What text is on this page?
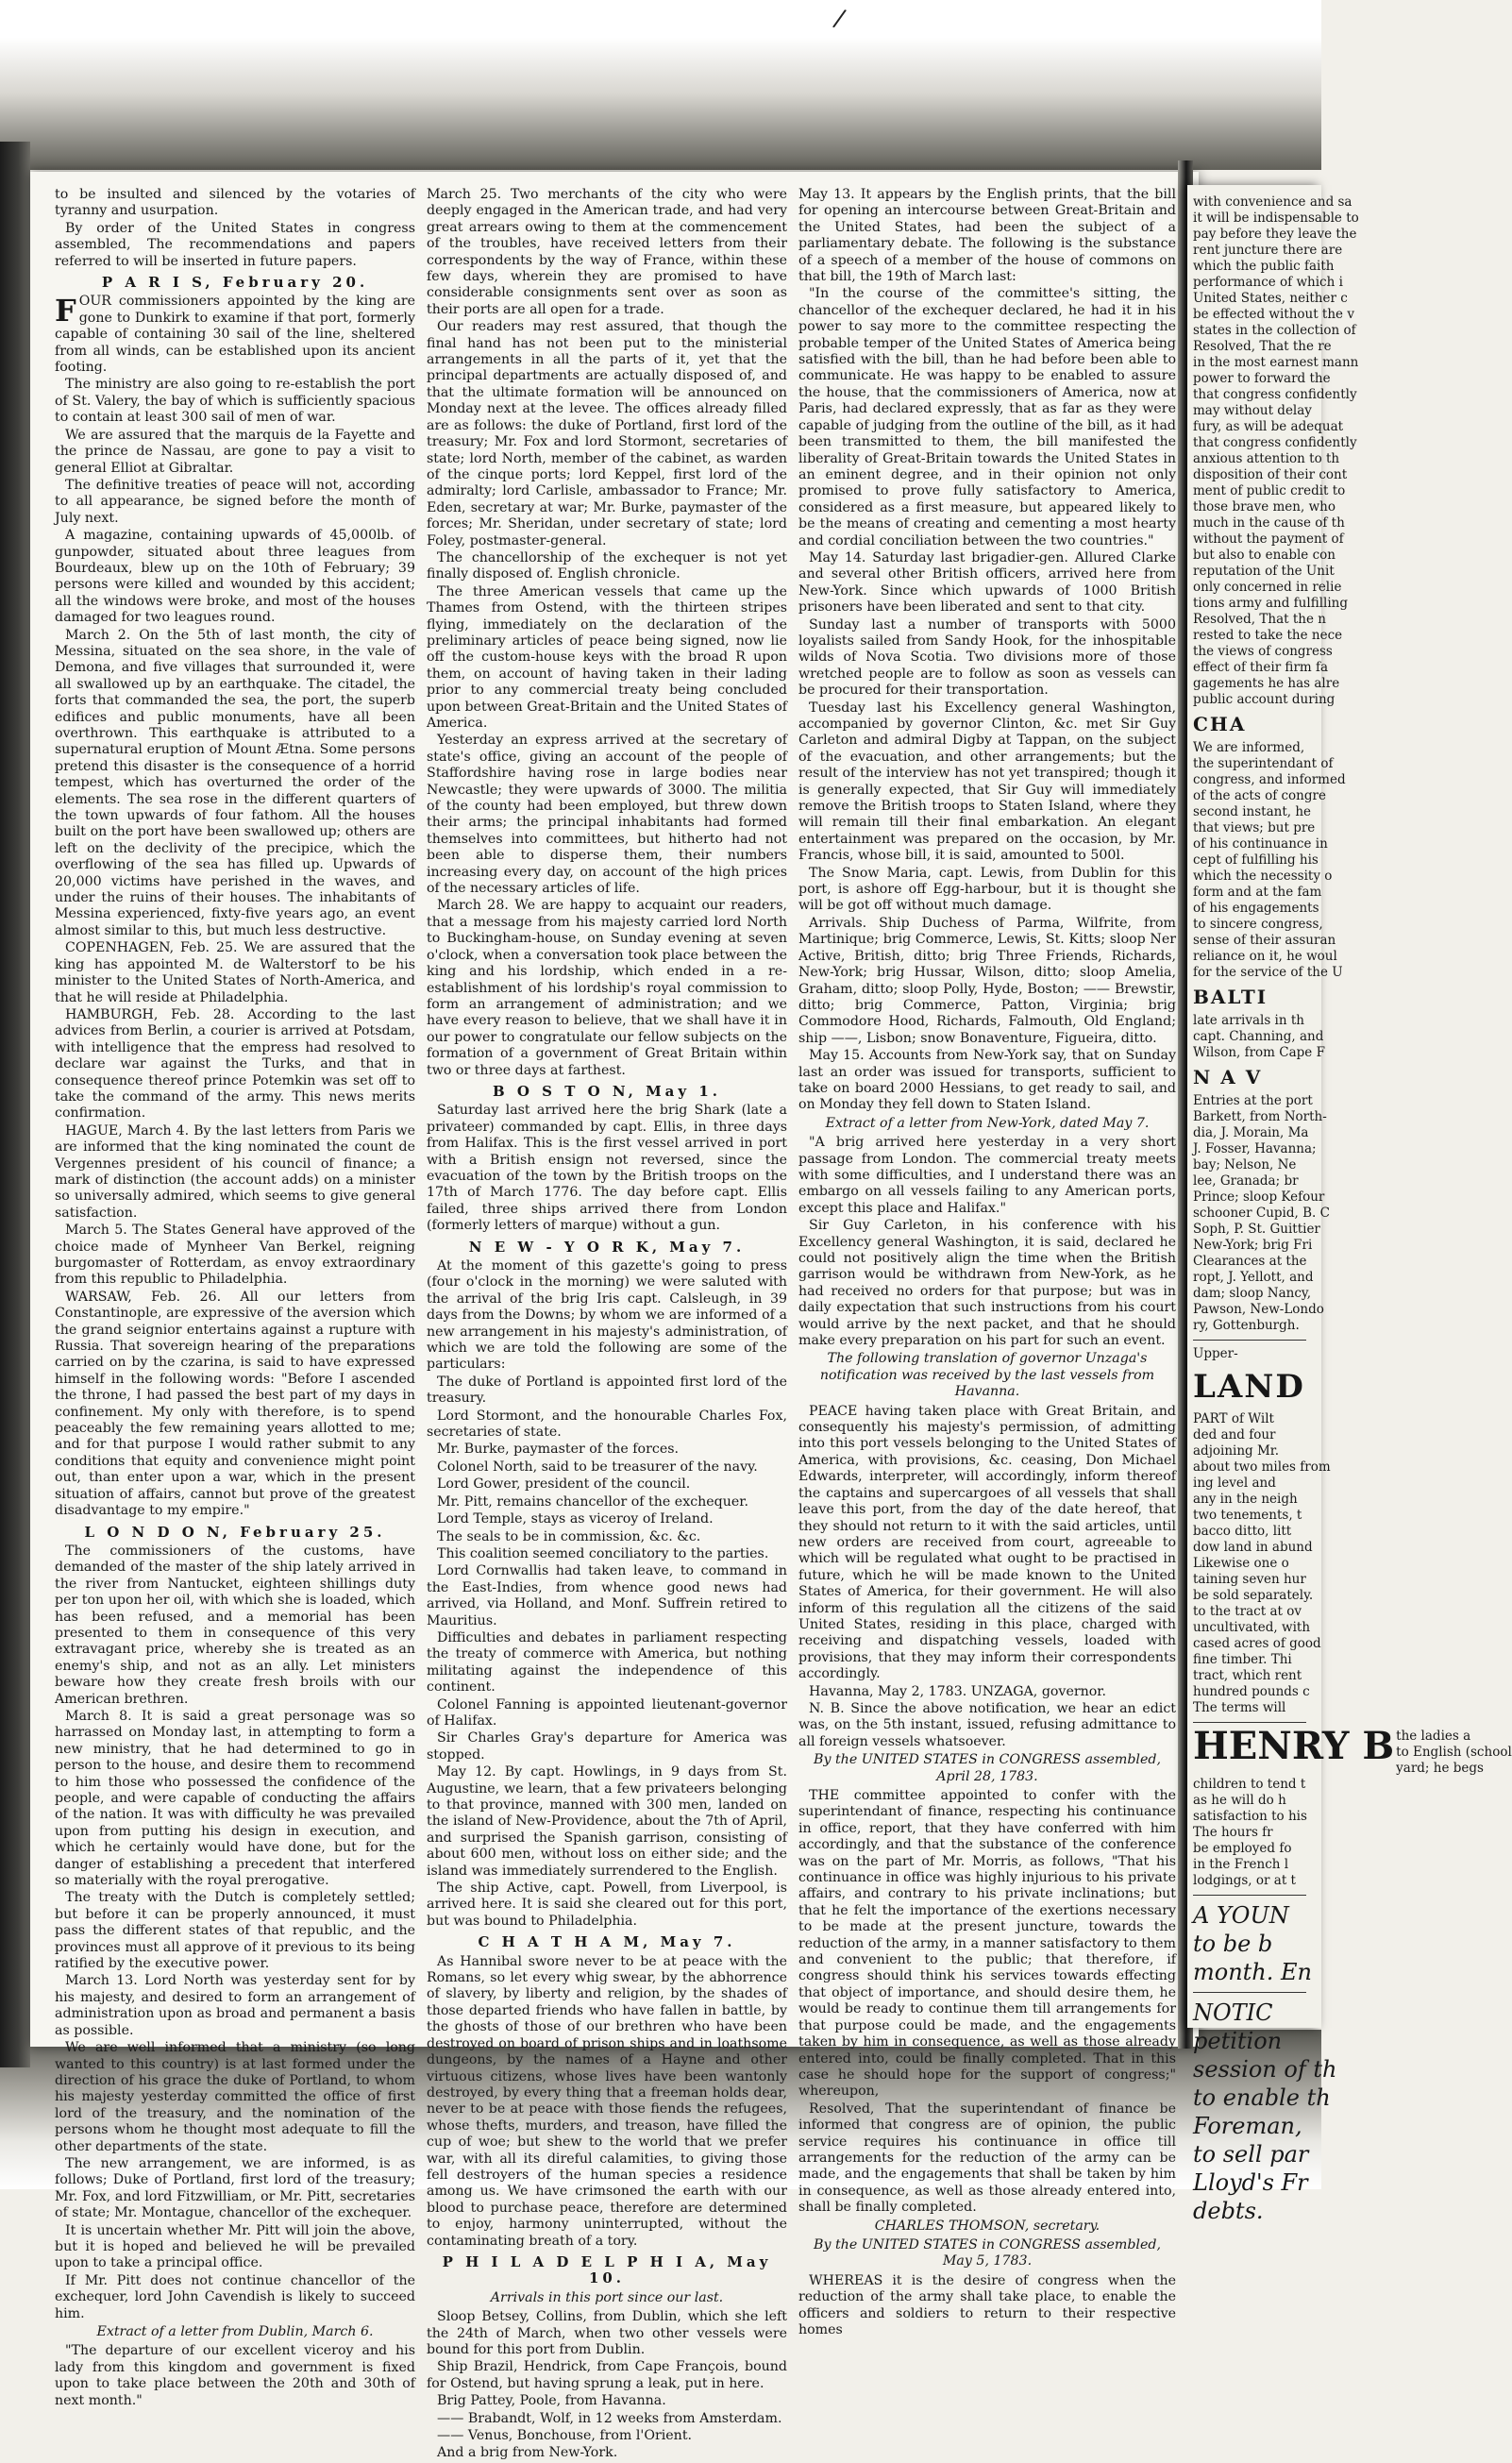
/

to be insulted and silenced by the votaries of tyranny and usurpation.

By order of the United States in congress assembled, The recommendations and papers referred to will be inserted in future papers.

P A R I S, February 20.

FOUR commissioners appointed by the king are gone to Dunkirk to examine if that port, formerly capable of containing 30 sail of the line, sheltered from all winds, can be established upon its ancient footing.

The ministry are also going to re-establish the port of St. Valery, the bay of which is sufficiently spacious to contain at least 300 sail of men of war.

We are assured that the marquis de la Fayette and the prince de Nassau, are gone to pay a visit to general Elliot at Gibraltar.

The definitive treaties of peace will not, according to all appearance, be signed before the month of July next.

A magazine, containing upwards of 45,000lb. of gunpowder, situated about three leagues from Bourdeaux, blew up on the 10th of February; 39 persons were killed and wounded by this accident; all the windows were broke, and most of the houses damaged for two leagues round.

March 2. On the 5th of last month, the city of Messina, situated on the sea shore, in the vale of Demona, and five villages that surrounded it, were all swallowed up by an earthquake. The citadel, the forts that commanded the sea, the port, the superb edifices and public monuments, have all been overthrown. This earthquake is attributed to a supernatural eruption of Mount Ætna. Some persons pretend this disaster is the consequence of a horrid tempest, which has overturned the order of the elements. The sea rose in the different quarters of the town upwards of four fathom. All the houses built on the port have been swallowed up; others are left on the declivity of the precipice, which the overflowing of the sea has filled up. Upwards of 20,000 victims have perished in the waves, and under the ruins of their houses. The inhabitants of Messina experienced, fixty-five years ago, an event almost similar to this, but much less destructive.

COPENHAGEN, Feb. 25. We are assured that the king has appointed M. de Walterstorf to be his minister to the United States of North-America, and that he will reside at Philadelphia.

HAMBURGH, Feb. 28. According to the last advices from Berlin, a courier is arrived at Potsdam, with intelligence that the empress had resolved to declare war against the Turks, and that in consequence thereof prince Potemkin was set off to take the command of the army. This news merits confirmation.

HAGUE, March 4. By the last letters from Paris we are informed that the king nominated the count de Vergennes president of his council of finance; a mark of distinction (the account adds) on a minister so universally admired, which seems to give general satisfaction.

March 5. The States General have approved of the choice made of Mynheer Van Berkel, reigning burgomaster of Rotterdam, as envoy extraordinary from this republic to Philadelphia.

WARSAW, Feb. 26. All our letters from Constantinople, are expressive of the aversion which the grand seignior entertains against a rupture with Russia. That sovereign hearing of the preparations carried on by the czarina, is said to have expressed himself in the following words: "Before I ascended the throne, I had passed the best part of my days in confinement. My only with therefore, is to spend peaceably the few remaining years allotted to me; and for that purpose I would rather submit to any conditions that equity and convenience might point out, than enter upon a war, which in the present situation of affairs, cannot but prove of the greatest disadvantage to my empire."

L O N D O N, February 25.

The commissioners of the customs, have demanded of the master of the ship lately arrived in the river from Nantucket, eighteen shillings duty per ton upon her oil, with which she is loaded, which has been refused, and a memorial has been presented to them in consequence of this very extravagant price, whereby she is treated as an enemy's ship, and not as an ally. Let ministers beware how they create fresh broils with our American brethren.

March 8. It is said a great personage was so harrassed on Monday last, in attempting to form a new ministry, that he had determined to go in person to the house, and desire them to recommend to him those who possessed the confidence of the people, and were capable of conducting the affairs of the nation. It was with difficulty he was prevailed upon from putting his design in execution, and which he certainly would have done, but for the danger of establishing a precedent that interfered so materially with the royal prerogative.

The treaty with the Dutch is completely settled; but before it can be properly announced, it must pass the different states of that republic, and the provinces must all approve of it previous to its being ratified by the executive power.

March 13. Lord North was yesterday sent for by his majesty, and desired to form an arrangement of administration upon as broad and permanent a basis as possible.

We are well informed that a ministry (so long wanted to this country) is at last formed under the direction of his grace the duke of Portland, to whom his majesty yesterday committed the office of first lord of the treasury, and the nomination of the persons whom he thought most adequate to fill the other departments of the state.

The new arrangement, we are informed, is as follows; Duke of Portland, first lord of the treasury; Mr. Fox, and lord Fitzwilliam, or Mr. Pitt, secretaries of state; Mr. Montague, chancellor of the exchequer.

It is uncertain whether Mr. Pitt will join the above, but it is hoped and believed he will be prevailed upon to take a principal office.

If Mr. Pitt does not continue chancellor of the exchequer, lord John Cavendish is likely to succeed him.

Extract of a letter from Dublin, March 6.

"The departure of our excellent viceroy and his lady from this kingdom and government is fixed upon to take place between the 20th and 30th of next month."

March 25. Two merchants of the city who were deeply engaged in the American trade, and had very great arrears owing to them at the commencement of the troubles, have received letters from their correspondents by the way of France, within these few days, wherein they are promised to have considerable consignments sent over as soon as their ports are all open for a trade.

Our readers may rest assured, that though the final hand has not been put to the ministerial arrangements in all the parts of it, yet that the principal departments are actually disposed of, and that the ultimate formation will be announced on Monday next at the levee. The offices already filled are as follows: the duke of Portland, first lord of the treasury; Mr. Fox and lord Stormont, secretaries of state; lord North, member of the cabinet, as warden of the cinque ports; lord Keppel, first lord of the admiralty; lord Carlisle, ambassador to France; Mr. Eden, secretary at war; Mr. Burke, paymaster of the forces; Mr. Sheridan, under secretary of state; lord Foley, postmaster-general.

The chancellorship of the exchequer is not yet finally disposed of. English chronicle.

The three American vessels that came up the Thames from Ostend, with the thirteen stripes flying, immediately on the declaration of the preliminary articles of peace being signed, now lie off the custom-house keys with the broad R upon them, on account of having taken in their lading prior to any commercial treaty being concluded upon between Great-Britain and the United States of America.

Yesterday an express arrived at the secretary of state's office, giving an account of the people of Staffordshire having rose in large bodies near Newcastle; they were upwards of 3000. The militia of the county had been employed, but threw down their arms; the principal inhabitants had formed themselves into committees, but hitherto had not been able to disperse them, their numbers increasing every day, on account of the high prices of the necessary articles of life.

March 28. We are happy to acquaint our readers, that a message from his majesty carried lord North to Buckingham-house, on Sunday evening at seven o'clock, when a conversation took place between the king and his lordship, which ended in a re-establishment of his lordship's royal commission to form an arrangement of administration; and we have every reason to believe, that we shall have it in our power to congratulate our fellow subjects on the formation of a government of Great Britain within two or three days at farthest.

B O S T O N, May 1.

Saturday last arrived here the brig Shark (late a privateer) commanded by capt. Ellis, in three days from Halifax. This is the first vessel arrived in port with a British ensign not reversed, since the evacuation of the town by the British troops on the 17th of March 1776. The day before capt. Ellis failed, three ships arrived there from London (formerly letters of marque) without a gun.

N E W - Y O R K, May 7.

At the moment of this gazette's going to press (four o'clock in the morning) we were saluted with the arrival of the brig Iris capt. Calsleugh, in 39 days from the Downs; by whom we are informed of a new arrangement in his majesty's administration, of which we are told the following are some of the particulars:

The duke of Portland is appointed first lord of the treasury.

Lord Stormont, and the honourable Charles Fox, secretaries of state.

Mr. Burke, paymaster of the forces.

Colonel North, said to be treasurer of the navy.

Lord Gower, president of the council.

Mr. Pitt, remains chancellor of the exchequer.

Lord Temple, stays as viceroy of Ireland.

The seals to be in commission, &c. &c.

This coalition seemed conciliatory to the parties.

Lord Cornwallis had taken leave, to command in the East-Indies, from whence good news had arrived, via Holland, and Monf. Suffrein retired to Mauritius.

Difficulties and debates in parliament respecting the treaty of commerce with America, but nothing militating against the independence of this continent.

Colonel Fanning is appointed lieutenant-governor of Halifax.

Sir Charles Gray's departure for America was stopped.

May 12. By capt. Howlings, in 9 days from St. Augustine, we learn, that a few privateers belonging to that province, manned with 300 men, landed on the island of New-Providence, about the 7th of April, and surprised the Spanish garrison, consisting of about 600 men, without loss on either side; and the island was immediately surrendered to the English.

The ship Active, capt. Powell, from Liverpool, is arrived here. It is said she cleared out for this port, but was bound to Philadelphia.

C H A T H A M, May 7.

As Hannibal swore never to be at peace with the Romans, so let every whig swear, by the abhorrence of slavery, by liberty and religion, by the shades of those departed friends who have fallen in battle, by the ghosts of those of our brethren who have been destroyed on board of prison ships and in loathsome dungeons, by the names of a Hayne and other virtuous citizens, whose lives have been wantonly destroyed, by every thing that a freeman holds dear, never to be at peace with those fiends the refugees, whose thefts, murders, and treason, have filled the cup of woe; but shew to the world that we prefer war, with all its direful calamities, to giving those fell destroyers of the human species a residence among us. We have crimsoned the earth with our blood to purchase peace, therefore are determined to enjoy, harmony uninterrupted, without the contaminating breath of a tory.

P H I L A D E L P H I A, May 10.

Arrivals in this port since our last.

Sloop Betsey, Collins, from Dublin, which she left the 24th of March, when two other vessels were bound for this port from Dublin.

Ship Brazil, Hendrick, from Cape François, bound for Ostend, but having sprung a leak, put in here.

Brig Pattey, Poole, from Havanna.

—— Brabandt, Wolf, in 12 weeks from Amsterdam.

—— Venus, Bonchouse, from l'Orient.

And a brig from New-York.

May 13. It appears by the English prints, that the bill for opening an intercourse between Great-Britain and the United States, had been the subject of a parliamentary debate. The following is the substance of a speech of a member of the house of commons on that bill, the 19th of March last:

"In the course of the committee's sitting, the chancellor of the exchequer declared, he had it in his power to say more to the committee respecting the probable temper of the United States of America being satisfied with the bill, than he had before been able to communicate. He was happy to be enabled to assure the house, that the commissioners of America, now at Paris, had declared expressly, that as far as they were capable of judging from the outline of the bill, as it had been transmitted to them, the bill manifested the liberality of Great-Britain towards the United States in an eminent degree, and in their opinion not only promised to prove fully satisfactory to America, considered as a first measure, but appeared likely to be the means of creating and cementing a most hearty and cordial conciliation between the two countries."

May 14. Saturday last brigadier-gen. Allured Clarke and several other British officers, arrived here from New-York. Since which upwards of 1000 British prisoners have been liberated and sent to that city.

Sunday last a number of transports with 5000 loyalists sailed from Sandy Hook, for the inhospitable wilds of Nova Scotia. Two divisions more of those wretched people are to follow as soon as vessels can be procured for their transportation.

Tuesday last his Excellency general Washington, accompanied by governor Clinton, &c. met Sir Guy Carleton and admiral Digby at Tappan, on the subject of the evacuation, and other arrangements; but the result of the interview has not yet transpired; though it is generally expected, that Sir Guy will immediately remove the British troops to Staten Island, where they will remain till their final embarkation. An elegant entertainment was prepared on the occasion, by Mr. Francis, whose bill, it is said, amounted to 500l.

The Snow Maria, capt. Lewis, from Dublin for this port, is ashore off Egg-harbour, but it is thought she will be got off without much damage.

Arrivals. Ship Duchess of Parma, Wilfrite, from Martinique; brig Commerce, Lewis, St. Kitts; sloop Ner Active, British, ditto; brig Three Friends, Richards, New-York; brig Hussar, Wilson, ditto; sloop Amelia, Graham, ditto; sloop Polly, Hyde, Boston; —— Brewstir, ditto; brig Commerce, Patton, Virginia; brig Commodore Hood, Richards, Falmouth, Old England; ship ——, Lisbon; snow Bonaventure, Figueira, ditto.

May 15. Accounts from New-York say, that on Sunday last an order was issued for transports, sufficient to take on board 2000 Hessians, to get ready to sail, and on Monday they fell down to Staten Island.

Extract of a letter from New-York, dated May 7.

"A brig arrived here yesterday in a very short passage from London. The commercial treaty meets with some difficulties, and I understand there was an embargo on all vessels failing to any American ports, except this place and Halifax."

Sir Guy Carleton, in his conference with his Excellency general Washington, it is said, declared he could not positively align the time when the British garrison would be withdrawn from New-York, as he had received no orders for that purpose; but was in daily expectation that such instructions from his court would arrive by the next packet, and that he should make every preparation on his part for such an event.

The following translation of governor Unzaga's notification was received by the last vessels from Havanna.

PEACE having taken place with Great Britain, and consequently his majesty's permission, of admitting into this port vessels belonging to the United States of America, with provisions, &c. ceasing, Don Michael Edwards, interpreter, will accordingly, inform thereof the captains and supercargoes of all vessels that shall leave this port, from the day of the date hereof, that they should not return to it with the said articles, until new orders are received from court, agreeable to which will be regulated what ought to be practised in future, which he will be made known to the United States of America, for their government. He will also inform of this regulation all the citizens of the said United States, residing in this place, charged with receiving and dispatching vessels, loaded with provisions, that they may inform their correspondents accordingly.

Havanna, May 2, 1783. UNZAGA, governor.

N. B. Since the above notification, we hear an edict was, on the 5th instant, issued, refusing admittance to all foreign vessels whatsoever.

By the UNITED STATES in CONGRESS assembled, April 28, 1783.

THE committee appointed to confer with the superintendant of finance, respecting his continuance in office, report, that they have conferred with him accordingly, and that the substance of the conference was on the part of Mr. Morris, as follows, "That his continuance in office was highly injurious to his private affairs, and contrary to his private inclinations; but that he felt the importance of the exertions necessary to be made at the present juncture, towards the reduction of the army, in a manner satisfactory to them and convenient to the public; that therefore, if congress should think his services towards effecting that object of importance, and should desire them, he would be ready to continue them till arrangements for that purpose could be made, and the engagements taken by him in consequence, as well as those already entered into, could be finally completed. That in this case he should hope for the support of congress;" whereupon,

Resolved, That the superintendant of finance be informed that congress are of opinion, the public service requires his continuance in office till arrangements for the reduction of the army can be made, and the engagements that shall be taken by him in consequence, as well as those already entered into, shall be finally completed.

CHARLES THOMSON, secretary.

By the UNITED STATES in CONGRESS assembled, May 5, 1783.

WHEREAS it is the desire of congress when the reduction of the army shall take place, to enable the officers and soldiers to return to their respective homes

with convenience and sa
it will be indispensable to
pay before they leave the
rent juncture there are
which the public faith
performance of which i
United States, neither c
be effected without the v
states in the collection of
Resolved, That the re
in the most earnest mann
power to forward the
that congress confidently
may without delay
fury, as will be adequat
that congress confidently
anxious attention to th
disposition of their cont
ment of public credit to
those brave men, who
much in the cause of th
without the payment of
but also to enable con
reputation of the Unit
only concerned in relie
tions army and fulfilling
Resolved, That the n
rested to take the nece
the views of congress
effect of their firm fa
gagements he has alre
public account during
CHA
We are informed,
the superintendant of
congress, and informed
of the acts of congre
second instant, he
that views; but pre
of his continuance in
cept of fulfilling his
which the necessity o
form and at the fam
of his engagements
to sincere congress,
sense of their assuran
reliance on it, he woul
for the service of the U
BALTI
late arrivals in th
capt. Channing, and
Wilson, from Cape F
N A V
Entries at the port
Barkett, from North-
dia, J. Morain, Ma
J. Fosser, Havanna;
bay; Nelson, Ne
lee, Granada; br
Prince; sloop Kefour
schooner Cupid, B. C
Soph, P. St. Guittier
New-York; brig Fri
Clearances at the
ropt, J. Yellott, and
dam; sloop Nancy,
Pawson, New-Londo
ry, Gottenburgh.
Upper-
LAND
PART of Wilt
ded and four
adjoining Mr.
about two miles from
ing level and
any in the neigh
two tenements, t
bacco ditto, litt
dow land in abund
Likewise one o
taining seven hur
be sold separately.
to the tract at ov
uncultivated, with
cased acres of good
fine timber. Thi
tract, which rent
hundred pounds c
The terms will
HENRY B the ladies a
to English (school
yard; he begs
children to tend t
as he will do h
satisfaction to his
The hours fr
be employed fo
in the French l
lodgings, or at t
A YOUN
to be b
month. En
NOTIC
petition
session of th
to enable th
Foreman,
to sell par
Lloyd's Fr
debts.
